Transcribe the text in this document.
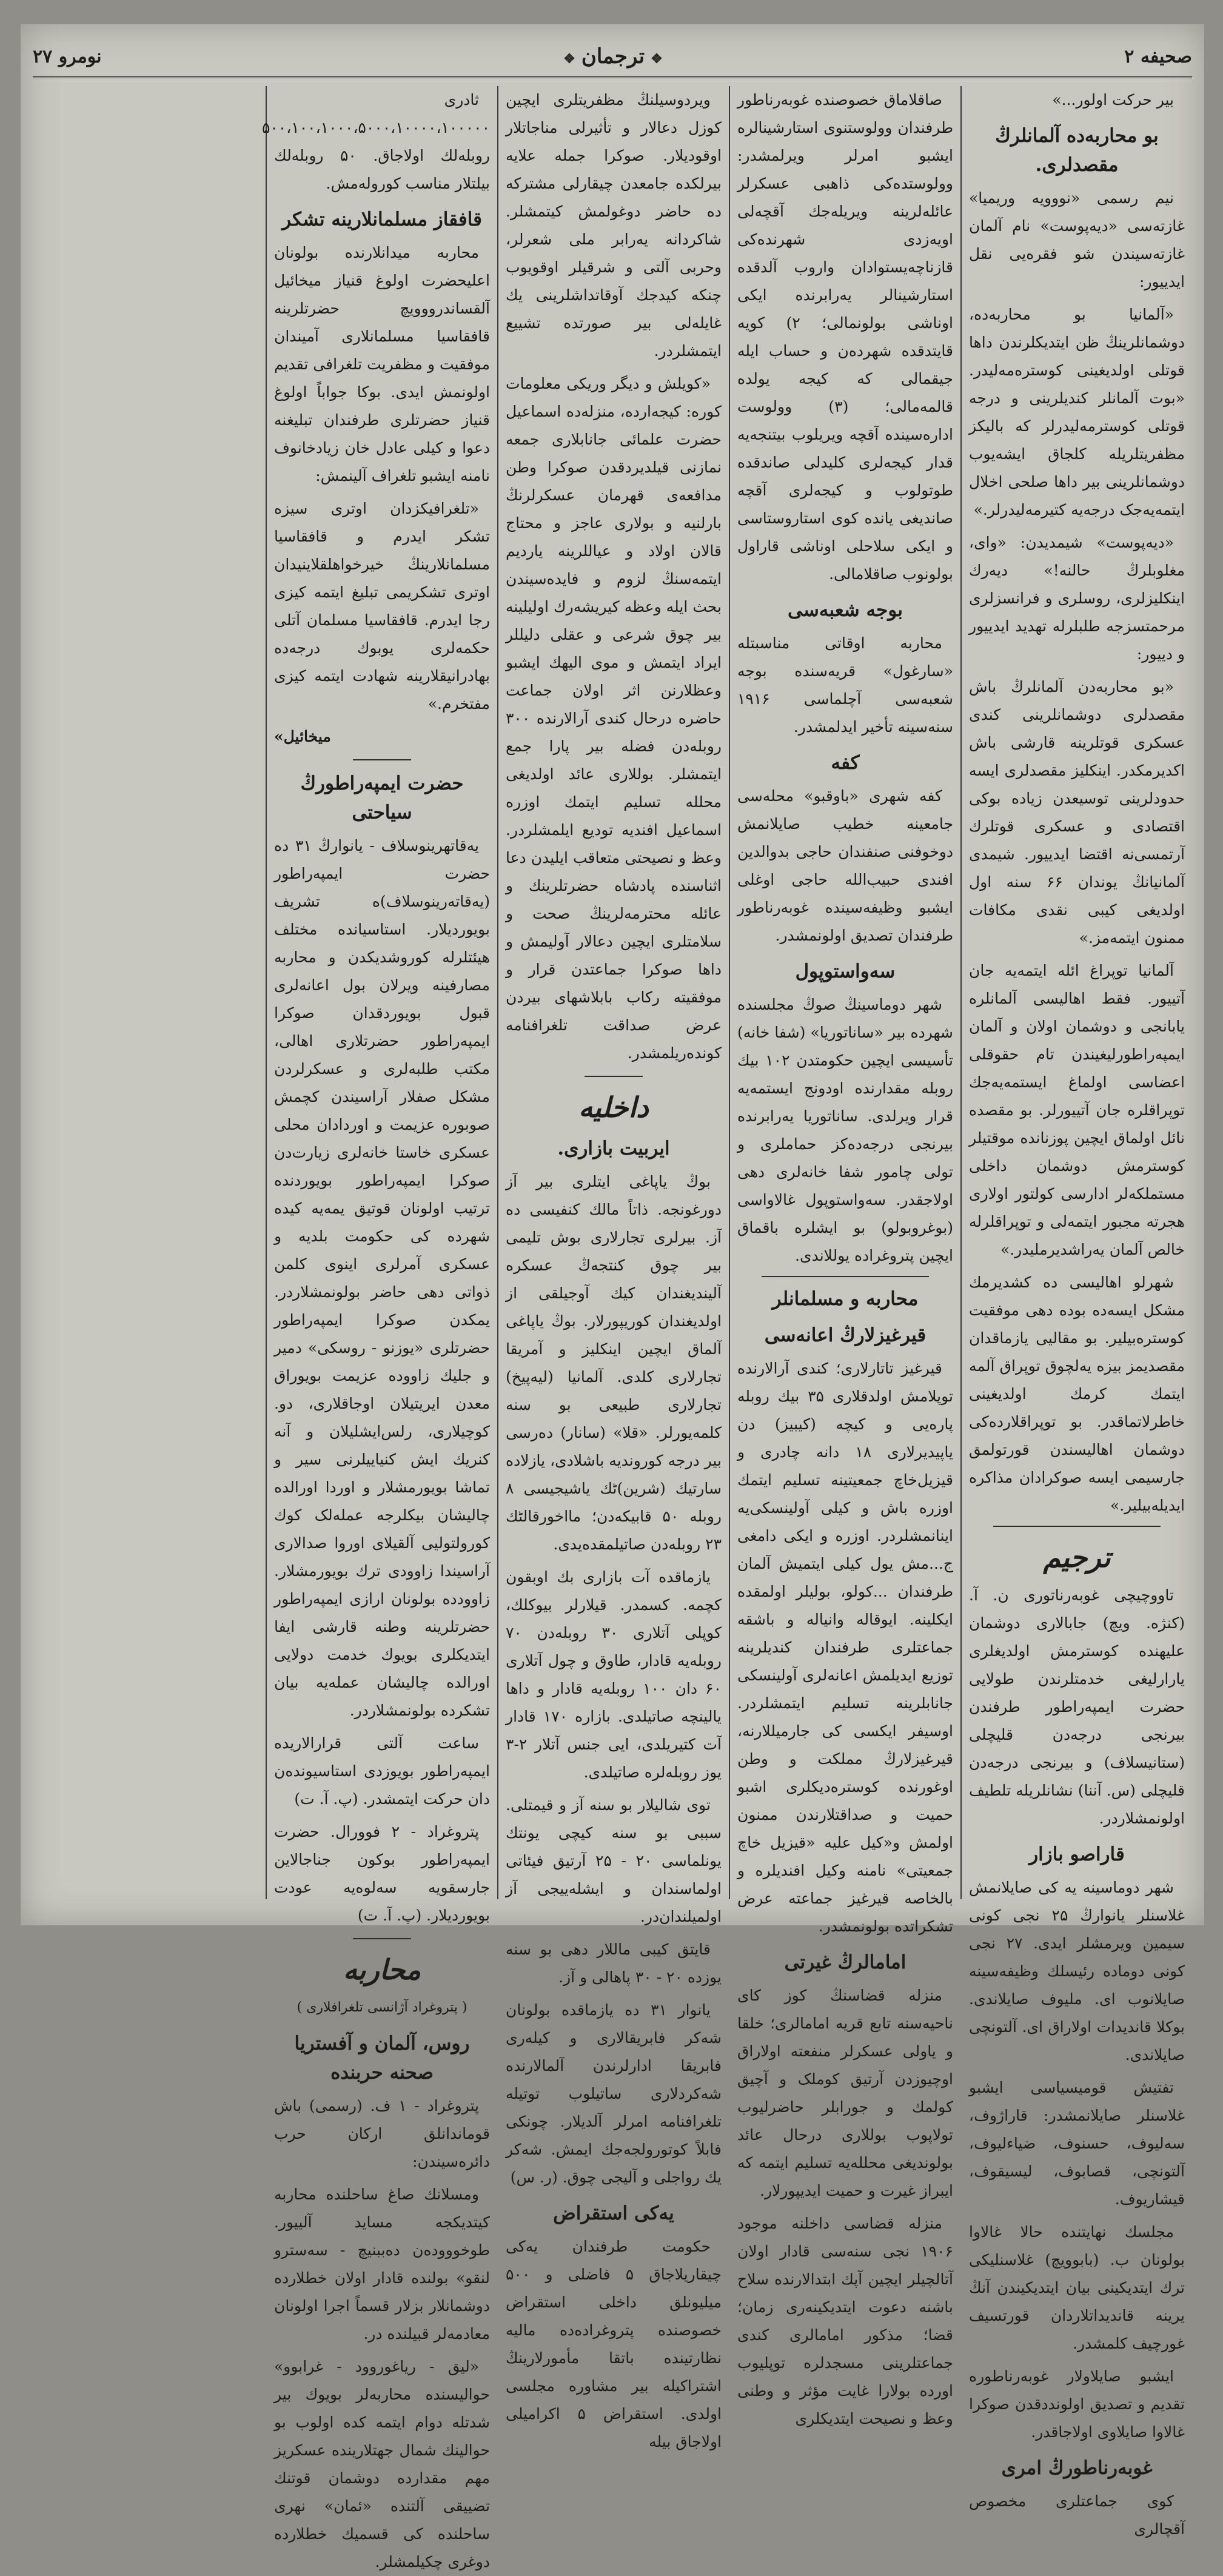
صحیفه ۲
❖ترجمان❖
نومرو ۲۷

بیر حرکت اولور...»

بو محاربه‌ده آلمانلرڭ مقصدلری.

نیم رسمی «نووویه وریمیا» غازته‌سی «دیه‌پوست» نام آلمان غازته‌سیندن شو فقره‌یی نقل ایدییور:

«آلمانیا بو محاربه‌ده، دوشمانلرینڭ ظن ایتدیکلرندن داها قوتلی اولدیغینی کوستره‌مه‌لیدر. «بوت آلمانلر کندیلرینی و درجه قوتلی کوسترمه‌لیدرلر که بالیکز مظفریتلریله کلجاق ایشه‌یوب دوشمانلرینی بیر داها صلحی اخلال ایتمه‌یه‌جک درجه‌یه کتیرمه‌لیدرلر.»

«دیه‌پوست» شیمدیدن: «وای، مغلوبلرڭ حالنه!» دیه‌رك اینکلیزلری، روسلری و فرانسزلری مرحمتسزجه طلبلرله تهدید ایدییور و دییور:

«بو محاربه‌دن آلمانلرڭ باش مقصدلری دوشمانلرینی کندی عسکری قوتلرینه قارشی باش اکدیرمکدر. اینکلیز مقصدلری ایسه حدودلرینی توسیعدن زیاده بوکی اقتصادی و عسکری قوتلرك آرتمسی‌نه اقتضا ایدییور. شیمدی آلمانیانڭ یوندان ۶۶ سنه اول اولدیغی کیبی نقدی مکافات ممنون ایتمه‌مز.»

آلمانیا توپراغ ائله ایتمه‌یه جان آتییور. فقط اهالیسی آلمانلره یابانجی و دوشمان اولان و آلمان ایمپه‌راطورلیغیندن تام حقوقلی اعضاسی اولماغ ایستمه‌یه‌جك توپراقلره جان آتییورلر. بو مقصده نائل اولماق ایچین پوزنانده موقتیلر کوسترمش دوشمان داخلی مستملکه‌لر ادارسی کولتور اولاری هجرته مجبور ایتمه‌لی و توپراقلرله خالص آلمان یه‌راشدیرملیدر.»

شهرلو اهالیسی ده کشدیرمك مشکل ایسه‌ده بوده دهی موفقیت کوستره‌بیلیر. بو مقالیی یازماقدان مقصدیمز بیزه یه‌لچوق توپراق آلمه ایتمك کرمك اولدیغینی خاطرلاتماقدر. بو توپراقلارده‌کی دوشمان اهالیسندن قورتولمق جارسیمی ایسه صوکرادان مذاکره ایدیله‌بیلیر.»

ترجیم

تاووچیچی غوبه‌رناتوری ن. آ. (کنژه. ویچ) جابالاری دوشمان علیهنده کوسترمش اولدیغلری یارارلیغی خدمتلرندن طولایی حضرت ایمپه‌راطور طرفندن بیرنجی درجه‌دن قلیچلی (ستانیسلاف) و بیرنجی درجه‌دن قلیچلی (س. آننا) نشانلریله تلطیف اولونمشلاردر.

قاراصو بازار

شهر دوماسینه یه کی صایلانمش غلاسنلر یانوارڭ ۲۵ نجی کونی سیمین ویرمشلر ایدی. ۲۷ نجی کونی دوماده رئیسلك وظیفه‌سینه صایلانوب ای. ملیوف صایلاندی. بوکلا قاندیدات اولاراق ای. آلتونچی صایلاندی.

تفتیش قومیسیاسی ایشبو غلاسنلر صایلانمشدر: قاراژوف، سه‌لیوف، حسنوف، ضیاءلیوف، آلتونچی، قصابوف، لیسیقوف، قیشاریوف.

مجلسك نهایتنده حالا غالاوا بولونان ب. (بابوویچ) غلاسنلیکی ترك ایتدیکینی بیان ایتدیکیندن آنڭ یرینه قاندیداتلاردان قورتسیف غورچیف کلمشدر.

ایشبو صایلاولار غوبه‌رناطوره تقدیم و تصدیق اولونددقدن صوکرا غالاوا صایلاوی اولاجاقدر.

غوبه‌رناطورڭ امری

کوی جماعتلری مخصوص آقچالری

صاقلاماق خصوصنده غوبه‌رناطور طرفندان وولوستنوی استارشینالره ایشبو امرلر ویرلمشدر: وولوستده‌کی ذاهبی عسکرلر عائله‌لرینه ویریله‌جك آقچه‌لی اویه‌زدی شهرنده‌کی قازناچه‌یستوادان واروب آلدقده استارشینالر یه‌رابرنده ایکی اوناشی بولونمالی؛ ۲) کویه قایتدقده شهرده‌ن و حساب ایله جیقمالی که کیجه یولده قالمه‌مالی؛ (۳) وولوست اداره‌سینده آقچه ویریلوب بیتنجه‌یه قدار کیجه‌لری کلیدلی صاندقده طوتولوب و کیجه‌لری آقچه صاندیغی یانده کوی استاروستاسی و ایکی سلاحلی اوناشی قاراول بولونوب صاقلامالی.

بوجه شعبه‌سی

محاربه اوقاتی مناسبتله «سارغول» قریه‌سنده بوجه شعبه‌سی آچلماسی ۱۹۱۶ سنه‌سینه تأخیر ایدلمشدر.

کفه

کفه شهری «باوقبو» محله‌سی جامعینه خطیب صایلانمش دوخوفنی صنفندان حاجی بدوالدین افندی حبیب‌الله حاجی اوغلی ایشبو وظیفه‌سینده غوبه‌رناطور طرفندان تصدیق اولونمشدر.

سه‌واستوپول

شهر دوماسینڭ صوڭ مجلسنده شهرده بیر «ساناتوریا» (شفا خانه) تأسیسی ایچین حکومتدن ۱۰۲ بیك روبله مقدارنده اودونج ایستمه‌یه قرار ویرلدی. ساناتوریا یه‌رابرنده بیرنجی درجه‌ده‌کز حماملری و تولی چامور شفا خانه‌لری دهی اولاجقدر. سه‌واستوپول غالاواسی (بوغروبولو) بو ایشلره باقماق ایچین پتروغراده یوللاندی.

محاربه و مسلمانلر
قیرغیزلارڭ اعانه‌سی

قیرغیز تاتارلاری؛ کندی آرالارنده توپلامش اولدقلاری ۳۵ بیك روبله پاره‌یی و کیچه (کیبیز) دن یاپیدیرلاری ۱۸ دانه چادری و قیزیل‌خاچ جمعیتینه تسلیم ایتمك اوزره باش و کیلی آولینسکی‌یه اینانمشلردر. اوزره و ایکی دامغی‌ ج...مش یول کیلی ایتمیش آلمان طرفندان ...کولو، بولیلر اولمقده ایکلینه. ایوقاله وانیاله و باشقه جماعتلری طرفندان کندیلرینه توزیع ایدیلمش اعانه‌لری آولینسکی جانابلرینه تسلیم ایتمشلردر. اوسیفر ایکسی کی جارمیللارنه، قیرغیزلارڭ مملکت و وطن اوغورنده کوستره‌دیکلری اشبو حمیت و صداقتلارندن ممنون اولمش و«کیل علیه «قیزیل خاچ جمعیتی» نامنه وکیل افندیلره و بالخاصه قیرغیز جماعته عرض تشکراتده بولونمشدر.

امامالرڭ غیرتی

منزله قضاسنڭ کوز کای ناحیه‌سنه تابع قریه امامالری؛ خلقا و یاولی عسکرلر منفعته اولاراق اوچیوزدن آرتیق کوملک و آچیق کولمك و جورابلر حاضرلیوب تولاپوب بوللاری درحال عائد بولوندیغی محلله‌یه تسلیم ایتمه که ایبراز غیرت و حمیت ایدیپورلار.

منزله قضاسی داخلنه موجود ۱۹۰۶ نجی سنه‌سی قادار اولان آتالچیلر ایچین آپك ابتدالارنده سلاح باشنه دعوت ایتدیکینه‌ری زمان؛ قضا؛ مذکور امامالری کندی جماعتلرینی مسجدلره توپلیوب اورده بولارا غایت مؤثر و وطنی وعظ و نصیحت ایتدیکلری

ویردوسیلنڭ مظفریتلری ایچین کوزل دعالار و تأثیرلی مناجاتلار اوقودیلار. صوکرا جمله علایه بیرلکده جامعدن چیقارلی مشترکه ده حاضر دوغولمش کیتمشلر. شاکردانه یه‌رابر ملی شعرلر، وحربی آلتی و شرقیلر اوقویوب چنکه کیدجك آوقاتداشلرینی یك غایله‌لی بیر صورتده تشییع ایتمشلردر.

«کویلش و دیگر وریکی معلومات کوره: کیجه‌ارده، منزله‌ده اسماعیل حضرت علمائی جانابلاری جمعه نمازنی قیلدیردقدن صوکرا وطن مدافعه‌ی قهرمان عسکرلرنڭ بارلنیه و بولاری عاجز و محتاج قالان اولاد و عیاللرینه یاردیم ایتمه‌سنڭ لزوم و فایده‌سیندن بحث ایله وعظه کیریشه‌رك اولیلینه بیر چوق شرعی و عقلی دلیللر ایراد ایتمش و موی الیهك ایشبو وعظلارنن اثر اولان جماعت حاضره درحال کندی آرالارنده ۳۰۰ روبله‌دن فضله بیر پارا جمع ایتمشلر. بوللاری عائد اولدیغی محلله تسلیم ایتمك اوزره اسماعیل افندیه تودیع ایلمشلردر. وعظ و نصیحتی متعاقب ایلیدن دعا اثناسنده پادشاه حضرتلرینك و عائله محترمه‌لرینڭ صحت و سلامتلری ایچین دعالار آولیمش و داها صوکرا جماعتدن قرار و موفقیته رکاب بابلاشهای بیردن عرض صداقت تلغرافنامه کونده‌ریلمشدر.

داخلیه
ایربیت بازاری.

بوڭ یاپاغی ایتلری بیر آز دورغونجه. ذاتاً مالك کنفیسی ده آز. بیرلری تجارلاری بوش تلیمی بیر چوق کنتجه‌ڭ عسکره آلیندیغندان کیك آوجیلقی از اولدیغندان کوریپورلار. بوڭ یاپاغی آلماق ایچین اینکلیز و آمریقا تجارلاری کلدی. آلمانیا (لیه‌پیخ) تجارلاری طبیعی بو سنه کلمه‌یورلر. «قلا» (سانار) دەرسی بیر درجه کوروند‌یه باشلادی، یازلاده سارتیك (شرین)ٹك یاشیجیسی ۸ روبله ۵۰ قابیکه‌دن؛ مااخورقالٹك ۲۳ روبله‌دن صاتیلمقده‌یدی.

یازماقده آت بازاری بك اوبقون کچمه. کسمدر. قیلارلر بیوکلك، کوپلی آتلاری ۳۰ روبله‌دن ۷۰ روبله‌یه قادار، طاوق و چول آتلاری ۶۰ دان ۱۰۰ روبله‌یه قادار و داها یالینچه صاتیلدی. بازاره ۱۷۰ قادار آت کتیریلدی، ایی جنس آتلار ۲-۳ یوز روبله‌لره صاتیلدی.

توی شالیلار بو سنه آز و قیمتلی. سببی بو سنه کیچی یونتك یونلماسی ۲۰ - ۲۵ آرتیق فیئاتی اولماسندان و ایشله‌ییجی آز اولمیلندان‌در.

قایتق کیبی ماللار دهی بو سنه یوزده ۲۰ - ۳۰ پاهالی و آز.

یانوار ۳۱ ده یازماقده بولونان شه‌کر فابریقالاری و کیله‌ری فابریقا ادارلرندن آلمالارنده شه‌کردلاری ساتیلوب توتیله تلغرافنامه امرلر آلدیلار. چونکی فابلاً کوتورولجه‌جك ایمش. شه‌کر یك رواجلی و آلیجی چوق. (ر. س)

یه‌کی استقراض

حکومت طرفندان یه‌کی چیقاریلاجاق ۵ فاضلی و ۵۰۰ میلیونلق داخلی استقراض خصوصنده پتروغراده‌ده مالیه نظارتینده باتقا مأمورلارینڭ اشتراکیله بیر مشاوره مجلسی اولدی. استقراض ۵ اکرامیلی اولاجاق بیله

ثادری ۵۰۰،۱۰۰،۱۰۰۰،۵۰۰۰،۱۰۰۰۰،۱۰۰۰۰۰ روبله‌لك اولاجاق. ۵۰ روبله‌لك بیلتلار مناسب کوروله‌مش.

قافقاز مسلمانلارینه تشکر

محاربه میدانلارنده بولونان اعلیحضرت اولوغ قنیاز میخائیل آلقساندرووویچ حضرتلرینه قافقاسیا مسلمانلاری آمیندان موفقیت و مظفریت تلغرافی تقدیم اولونمش ایدی. بوکا جواباً اولوغ قنیاز حضرتلری طرفندان تبلیغنه دعوا و کیلی عادل خان زیادخانوف نامنه ایشبو تلغراف آلینمش:

«تلغرافیکزدان اوتری سیزه تشکر ایدرم و قافقاسیا مسلمانلارینڭ خیرخواهلقلاینیدان اوتری تشکریمی تبلیغ ایتمه کیزی رجا ایدرم. قافقاسیا مسلمان آتلی حکمه‌لری یوبوك درجه‌ده بهادرانیقلارینه شهادت ایتمه کیزی مفتخرم.»

میخائیل»
حضرت ایمپه‌راطورڭ سیاحتی

یه‌قاتهرینوسلاف - یانوارڭ ۳۱ ده حضرت ایمپه‌راطور (یه‌قاته‌رینوسلاف)ه تشریف بویوردیلار. استاسیانده مختلف هیئتلرله کوروشدیکدن و محاربه مصارفینه ویرلان بول اعانه‌لری قبول بویوردقدان صوکرا ایمپه‌راطور حضرتلاری اهالی، مکتب طلبه‌لری و عسکرلردن مشکل صفلار آراسیندن کچمش صوبوره عزیمت و اوردادان محلی عسکری خاستا خانه‌لری زیارت‌دن صوکرا ایمپه‌راطور بویوردنده ترتیب اولونان قوتیق یمه‌یه کید‌ه شهرده کی حکومت بلدیه و عسکری آمرلری اینوی کلمن ذواتی دهی حاضر بولونمشلاردر. یمکدن صوکرا ایمپه‌راطور حضرتلری «یوزنو - روسکی» دمیر و جلیك زاووده عزیمت بویوراق معدن ایریتیلان اوجاقلاری، دو. کوچیلاری، رلس‌ایشلیلان و آنه کنریك ایش کنیاییلرنی سیر و تماشا بویورمشلار و اوردا اورالده چالیشان بیکلرجه عمله‌لک کوك کورولتولیی آلقیلای اوروا صدالاری آراسیندا زاوودی ترك بویورمشلار. زاوودده بولونان ارازی ایمپه‌راطور حضرتلرینه وطنه قارشی ایفا ایتدیکلری بویوك خدمت دولایی اورالده چالیشان عمله‌یه بیان تشکرده بولونمشلاردر.

ساعت آلتی قرارالاریده ایمپه‌راطور بویوزدی استاسیونده‌ن دان حرکت ایتمشدر. (پ. آ. ت)

پتروغراد - ۲ فوورال. حضرت ایمپه‌راطور بوکون جناجالاین جارسقویه سه‌لوه‌یه عودت بویوردیلار. (پ. آ. ت)

محاربه
( پتروغراد آژانسی تلغرافلاری )
روس، آلمان و آفستریا صحنه حربنده

پتروغراد - ۱ ف. (رسمی) باش قوماندانلق ارکان حرب دائره‌سیندن:

ومسلانك صاغ ساحلنده محاربه کیتدیکجه مساید آلییور. طوخووو‌ده‌ن ده‌ببنیچ - سه‌سترو لنقو» بولنده قادار اولان خطلارده دوشمانلار بزلار قسماً اجرا اولونان معادمه‌لر قبیلنده در.

«لیق - ریاغوروود - غرابوو» حوالیسنده محاربه‌لر بویوك بیر شدتله دوام ایتمه کده اولوب بو حوالینك شمال جهتلارینده عسکریز مهم مقدارده دوشمان قوتنك تضییقی آلتنده «ئمان» نهری ساحلنده کی قسمیك خطلارده دوغری چکیلمشلر.
